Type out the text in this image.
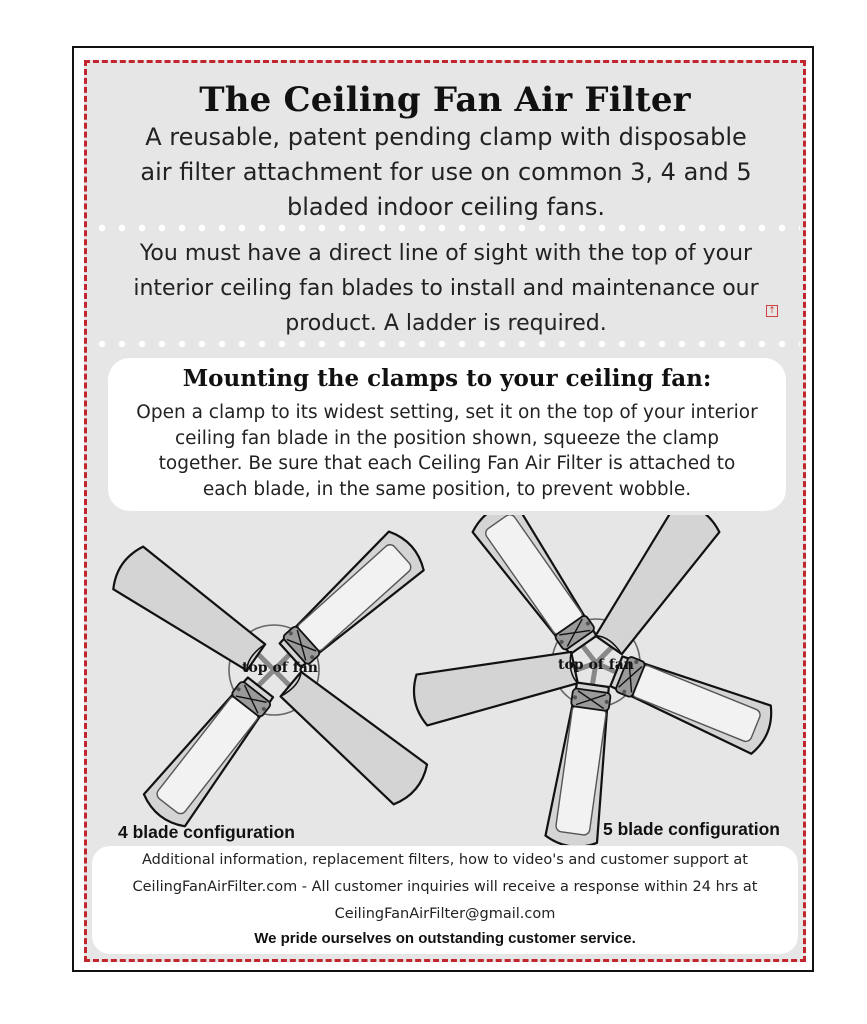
The Ceiling Fan Air Filter
A reusable, patent pending clamp with disposable
air filter attachment for use on common 3, 4 and 5
bladed indoor ceiling fans.
You must have a direct line of sight with the top of your
interior ceiling fan blades to install and maintenance our
product. A ladder is required.	↑
Mounting the clamps to your ceiling fan:
Open a clamp to its widest setting, set it on the top of your interior
ceiling fan blade in the position shown, squeeze the clamp
together. Be sure that each Ceiling Fan Air Filter is attached to
each blade, in the same position, to prevent wobble.
top of fan	top of fan
4 blade configuration	5 blade configuration

Additional information, replacement filters, how to video's and customer support at

CeilingFanAirFilter.com - All customer inquiries will receive a response within 24 hrs at

CeilingFanAirFilter@gmail.com

We pride ourselves on outstanding customer service.
